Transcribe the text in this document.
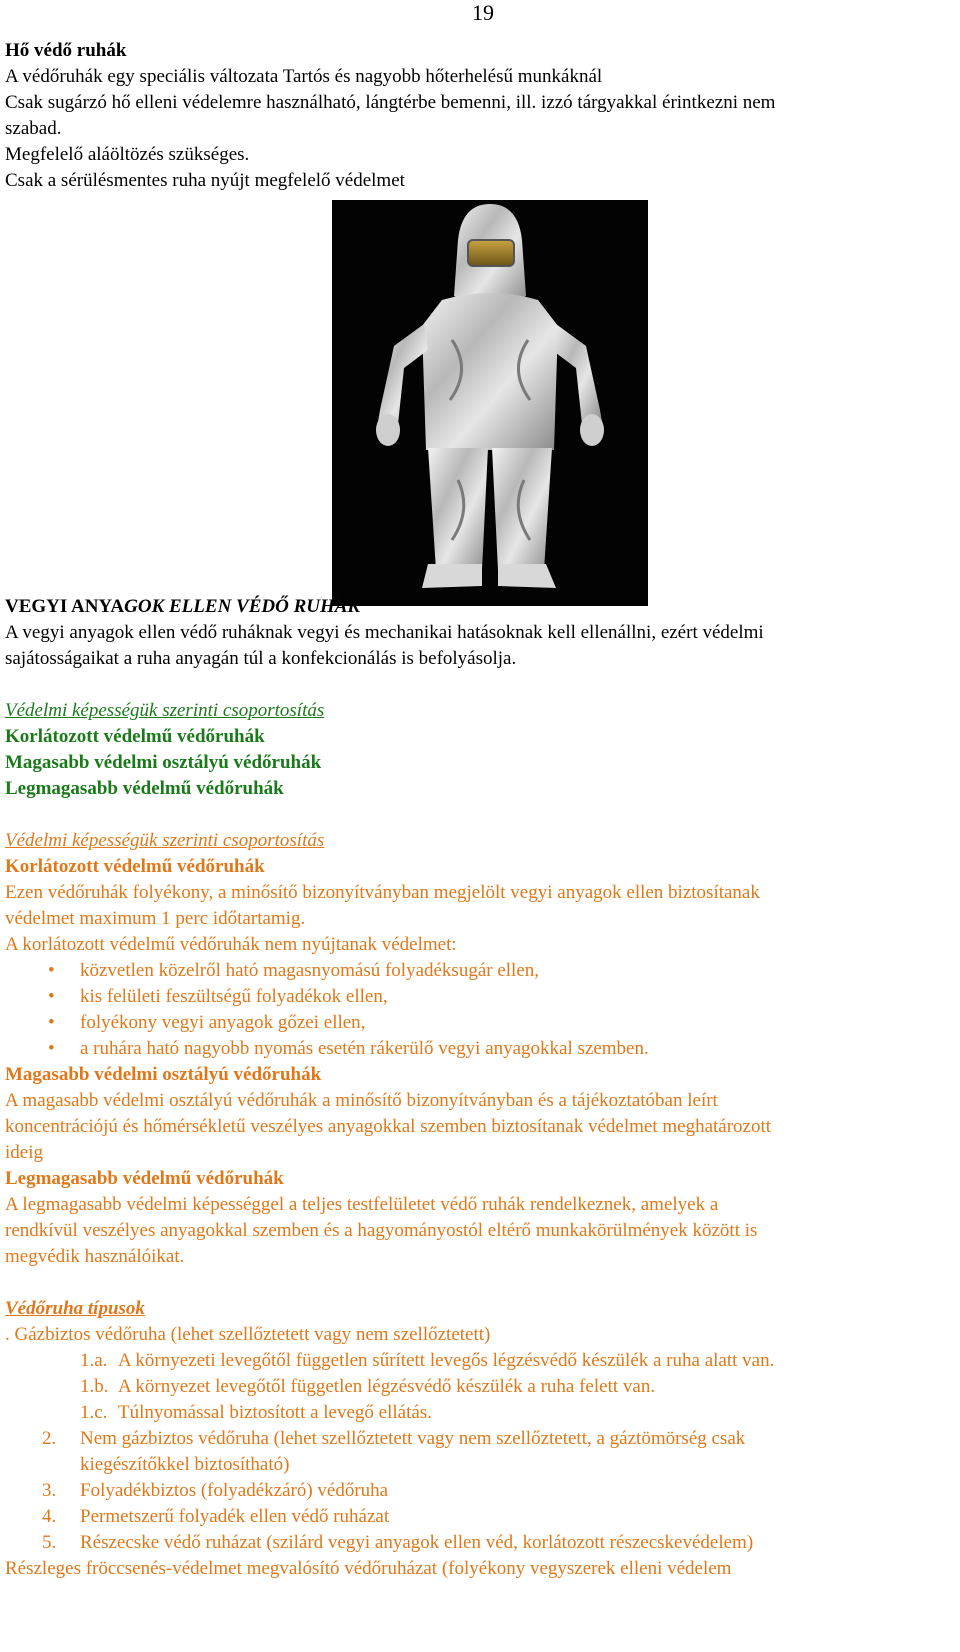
19
Hő védő ruhák
A védőruhák egy speciális változata Tartós és nagyobb hőterhelésű munkáknál
Csak sugárzó hő elleni védelemre használható, lángtérbe bemenni, ill. izzó tárgyakkal érintkezni nem
szabad.
Megfelelő aláöltözés szükséges.
Csak a sérülésmentes ruha nyújt megfelelő védelmet
VEGYI ANYAGOK ELLEN VÉDŐ RUHÁK
A vegyi anyagok ellen védő ruháknak vegyi és mechanikai hatásoknak kell ellenállni, ezért védelmi
sajátosságaikat a ruha anyagán túl a konfekcionálás is befolyásolja.
Védelmi képességük szerinti csoportosítás
Korlátozott védelmű védőruhák
Magasabb védelmi osztályú védőruhák
Legmagasabb védelmű védőruhák
Védelmi képességük szerinti csoportosítás
Korlátozott védelmű védőruhák
Ezen védőruhák folyékony, a minősítő bizonyítványban megjelölt vegyi anyagok ellen biztosítanak
védelmet maximum 1 perc időtartamig.
A korlátozott védelmű védőruhák nem nyújtanak védelmet:
• közvetlen közelről ható magasnyomású folyadéksugár ellen,
• kis felületi feszültségű folyadékok ellen,
• folyékony vegyi anyagok gőzei ellen,
• a ruhára ható nagyobb nyomás esetén rákerülő vegyi anyagokkal szemben.
Magasabb védelmi osztályú védőruhák
A magasabb védelmi osztályú védőruhák a minősítő bizonyítványban és a tájékoztatóban leírt
koncentrációjú és hőmérsékletű veszélyes anyagokkal szemben biztosítanak védelmet meghatározott
ideig
Legmagasabb védelmű védőruhák
A legmagasabb védelmi képességgel a teljes testfelületet védő ruhák rendelkeznek, amelyek a
rendkívül veszélyes anyagokkal szemben és a hagyományostól eltérő munkakörülmények között is
megvédik használóikat.
Védőruha típusok
. Gázbiztos védőruha (lehet szellőztetett vagy nem szellőztetett)
1.a. A környezeti levegőtől független sűrített levegős légzésvédő készülék a ruha alatt van.
1.b. A környezet levegőtől független légzésvédő készülék a ruha felett van.
1.c. Túlnyomással biztosított a levegő ellátás.
2. Nem gázbiztos védőruha (lehet szellőztetett vagy nem szellőztetett, a gáztömörség csak
kiegészítőkkel biztosítható)
3. Folyadékbiztos (folyadékzáró) védőruha
4. Permetszerű folyadék ellen védő ruházat
5. Részecske védő ruházat (szilárd vegyi anyagok ellen véd, korlátozott részecskevédelem)
Részleges fröccsenés-védelmet megvalósító védőruházat (folyékony vegyszerek elleni védelem
